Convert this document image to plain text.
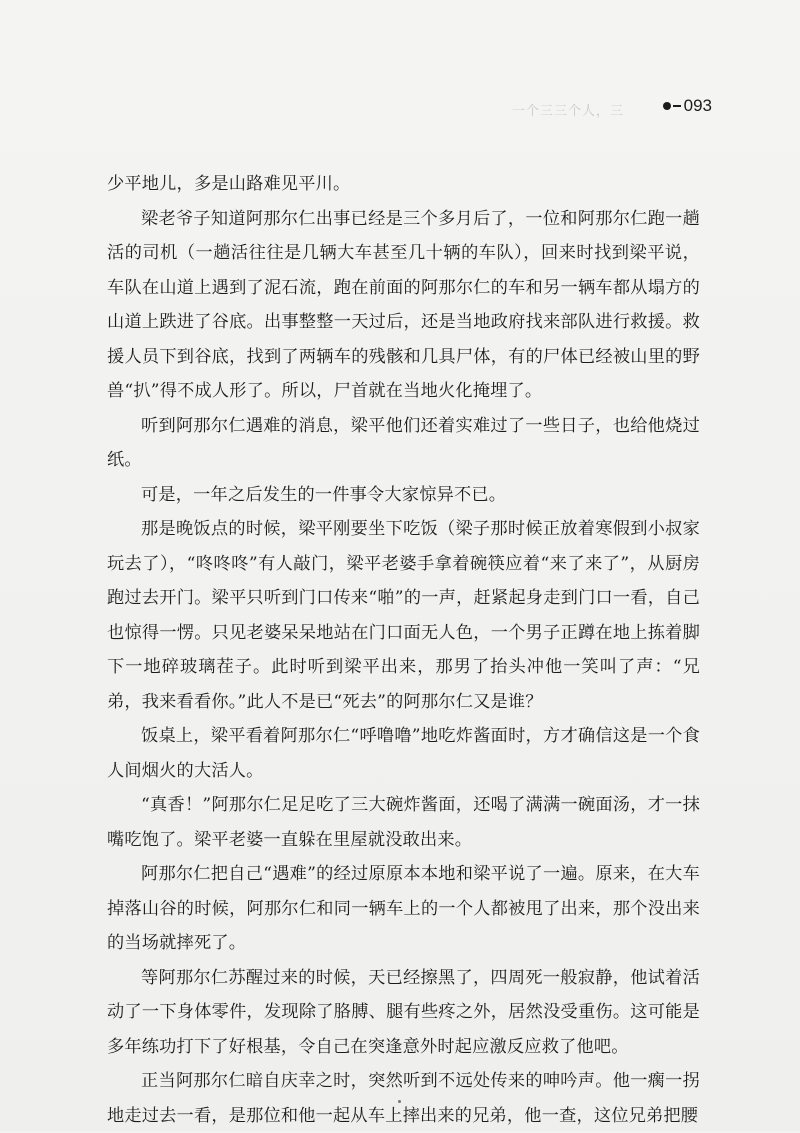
一个三三个人，三	093

少平地儿，多是山路难见平川。

梁老爷子知道阿那尔仁出事已经是三个多月后了，一位和阿那尔仁跑一趟活的司机（一趟活往往是几辆大车甚至几十辆的车队），回来时找到梁平说，车队在山道上遇到了泥石流，跑在前面的阿那尔仁的车和另一辆车都从塌方的山道上跌进了谷底。出事整整一天过后，还是当地政府找来部队进行救援。救援人员下到谷底，找到了两辆车的残骸和几具尸体，有的尸体已经被山里的野兽“扒”得不成人形了。所以，尸首就在当地火化掩埋了。

听到阿那尔仁遇难的消息，梁平他们还着实难过了一些日子，也给他烧过纸。

可是，一年之后发生的一件事令大家惊异不已。

那是晚饭点的时候，梁平刚要坐下吃饭（梁子那时候正放着寒假到小叔家玩去了），“咚咚咚”有人敲门，梁平老婆手拿着碗筷应着“来了来了”，从厨房跑过去开门。梁平只听到门口传来“啪”的一声，赶紧起身走到门口一看，自己也惊得一愣。只见老婆呆呆地站在门口面无人色，一个男子正蹲在地上拣着脚下一地碎玻璃茬子。此时听到梁平出来，那男了抬头冲他一笑叫了声：“兄弟，我来看看你。”此人不是已“死去”的阿那尔仁又是谁？

饭桌上，梁平看着阿那尔仁“呼噜噜”地吃炸酱面时，方才确信这是一个食人间烟火的大活人。

“真香！”阿那尔仁足足吃了三大碗炸酱面，还喝了满满一碗面汤，才一抹嘴吃饱了。梁平老婆一直躲在里屋就没敢出来。

阿那尔仁把自己“遇难”的经过原原本本地和梁平说了一遍。原来，在大车掉落山谷的时候，阿那尔仁和同一辆车上的一个人都被甩了出来，那个没出来的当场就摔死了。

等阿那尔仁苏醒过来的时候，天已经擦黑了，四周死一般寂静，他试着活动了一下身体零件，发现除了胳膊、腿有些疼之外，居然没受重伤。这可能是多年练功打下了好根基，令自己在突逢意外时起应激反应救了他吧。

正当阿那尔仁暗自庆幸之时，突然听到不远处传来的呻吟声。他一瘸一拐地走过去一看，是那位和他一起从车上摔出来的兄弟，他一查，这位兄弟把腰
